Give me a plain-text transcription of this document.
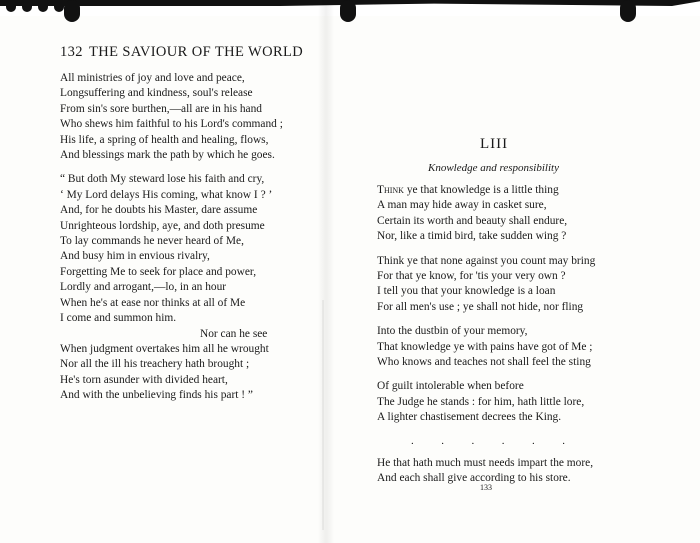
132 THE SAVIOUR OF THE WORLD
All ministries of joy and love and peace,
Longsuffering and kindness, soul's release
From sin's sore burthen,—all are in his hand
Who shews him faithful to his Lord's command ;
His life, a spring of health and healing, flows,
And blessings mark the path by which he goes.
“ But doth My steward lose his faith and cry,
‘ My Lord delays His coming, what know I ? ’
And, for he doubts his Master, dare assume
Unrighteous lordship, aye, and doth presume
To lay commands he never heard of Me,
And busy him in envious rivalry,
Forgetting Me to seek for place and power,
Lordly and arrogant,—lo, in an hour
When he's at ease nor thinks at all of Me
I come and summon him.
Nor can he see
When judgment overtakes him all he wrought
Nor all the ill his treachery hath brought ;
He's torn asunder with divided heart,
And with the unbelieving finds his part ! ”
LIII
Knowledge and responsibility
Think ye that knowledge is a little thing
A man may hide away in casket sure,
Certain its worth and beauty shall endure,
Nor, like a timid bird, take sudden wing ?
Think ye that none against you count may bring
For that ye know, for 'tis your very own ?
I tell you that your knowledge is a loan
For all men's use ; ye shall not hide, nor fling
Into the dustbin of your memory,
That knowledge ye with pains have got of Me ;
Who knows and teaches not shall feel the sting
Of guilt intolerable when before
The Judge he stands : for him, hath little lore,
A lighter chastisement decrees the King.
.          .          .          .          .          .
He that hath much must needs impart the more,
And each shall give according to his store.
133
